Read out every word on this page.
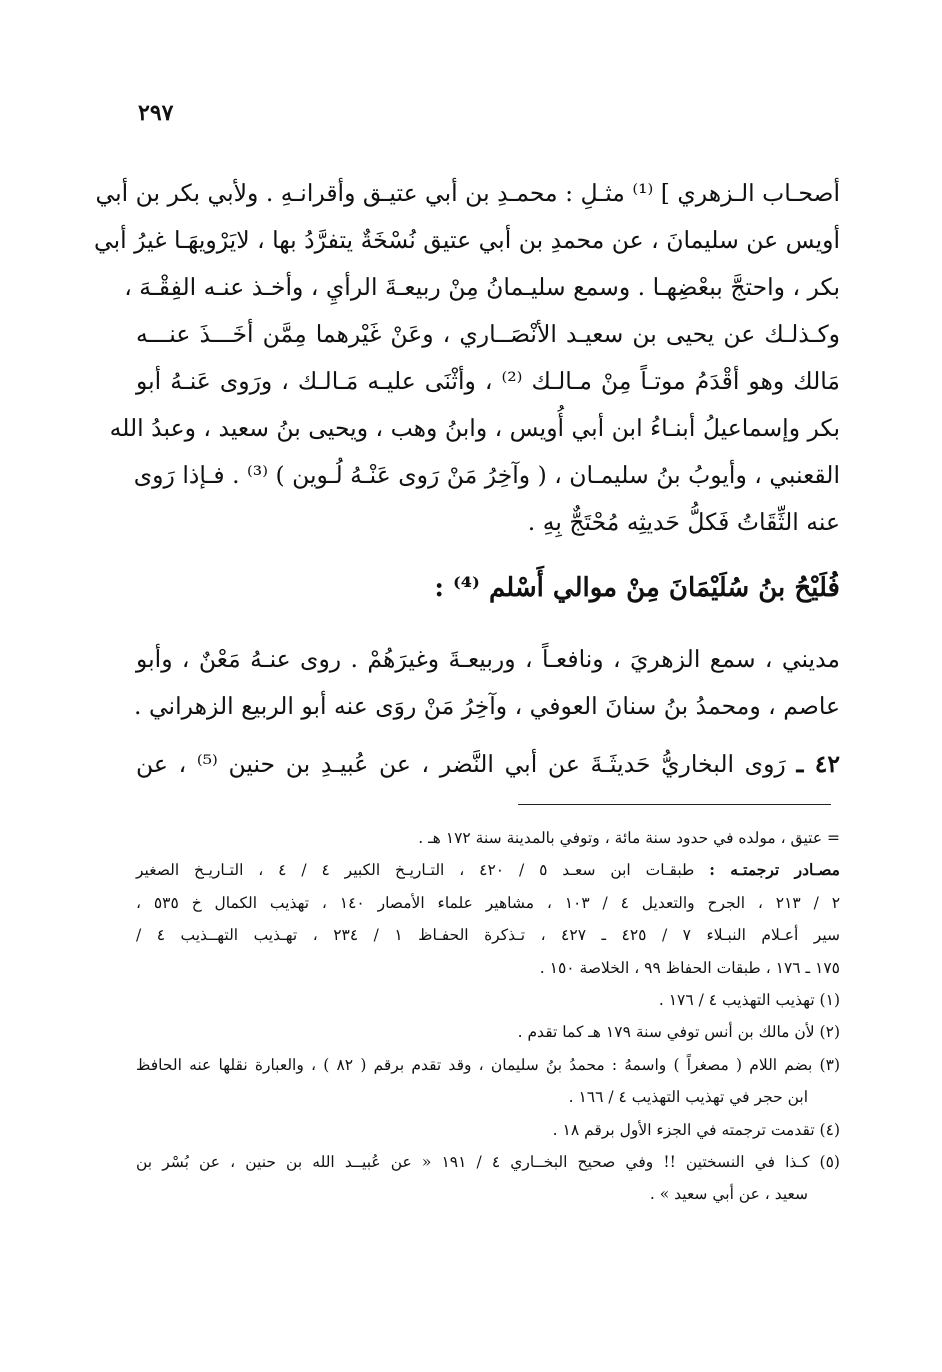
٢٩٧
أصحـاب الـزهري ] ⁽¹⁾ مثـلِ : محمـدِ بن أبي عتيـق وأقرانـهِ . ولأبي بكر بن أبي
أويس عن سليمانَ ، عن محمدِ بن أبي عتيق نُسْخَةٌ يتفرَّدُ بها ، لايَرْويهَـا غيرُ أبي
بكر ، واحتجَّ ببعْضِهـا . وسمع سليـمانُ مِنْ ربيعـةَ الرأيِ ، وأخـذ عنـه الفِقْـهَ ،
وكـذلـك عن يحيى بن سعيـد الأنْصَــاري ، وعَنْ غَيْرهما مِمَّن أخَـــذَ عنـــه
مَالك وهو أقْدَمُ موتـاً مِنْ مـالـك ⁽²⁾ ، وأثْنَى عليـه مَـالـك ، ورَوى عَنـهُ أبو
بكر وإسماعيلُ أبنـاءُ ابن أبي أُويس ، وابنُ وهب ، ويحيى بنُ سعيد ، وعبدُ الله
القعنبي ، وأيوبُ بنُ سليمـان ، ( وآخِرُ مَنْ رَوى عَنْـهُ لُـوين ) ⁽³⁾ . فـإذا رَوى
عنه الثِّقَاتُ فَكلُّ حَديثِه مُحْتَجٌّ بِهِ .
فُلَيْحُ بنُ سُلَيْمَانَ مِنْ موالي أَسْلم ⁽⁴⁾ :
مديني ، سمع الزهريَ ، ونافعـاً ، وربيعـةَ وغيرَهُمْ . روى عنـهُ مَعْنٌ ، وأبو
عاصم ، ومحمدُ بنُ سنانَ العوفي ، وآخِرُ مَنْ روَى عنه أبو الربيع الزهراني .
٤٢ ـ رَوى البخاريُّ حَديثَـةَ عن أبي النَّضر ، عن عُبيـدِ بن حنين ⁽⁵⁾ ، عن
= عتيق ، مولده في حدود سنة مائة ، وتوفي بالمدينة سنة ١٧٢ هـ .
مصـادر ترجمتـه : طبقـات ابن سعـد ٥ / ٤٢٠ ، التـاريـخ الكبير ٤ / ٤ ، التـاريـخ الصغير
٢ / ٢١٣ ، الجرح والتعديل ٤ / ١٠٣ ، مشاهير علماء الأمصار ١٤٠ ، تهذيب الكمال خ ٥٣٥ ،
سير أعـلام النبـلاء ٧ / ٤٢٥ ـ ٤٢٧ ، تـذكرة الحفـاظ ١ / ٢٣٤ ، تهـذيب التهــذيب ٤ /
١٧٥ ـ ١٧٦ ، طبقات الحفاظ ٩٩ ، الخلاصة ١٥٠ .
(١) تهذيب التهذيب ٤ / ١٧٦ .
(٢) لأن مالك بن أنس توفي سنة ١٧٩ هـ كما تقدم .
(٣) بضم اللام ( مصغراً ) واسمهُ : محمدُ بنُ سليمان ، وقد تقدم برقم ( ٨٢ ) ، والعبارة نقلها عنه الحافظ
ابن حجر في تهذيب التهذيب ٤ / ١٦٦ .
(٤) تقدمت ترجمته في الجزء الأول برقم ١٨ .
(٥) كـذا في النسختين !! وفي صحيح البخــاري ٤ / ١٩١ « عن عُبيــد الله بن حنين ، عن بُسْر بن
سعيد ، عن أبي سعيد » .
